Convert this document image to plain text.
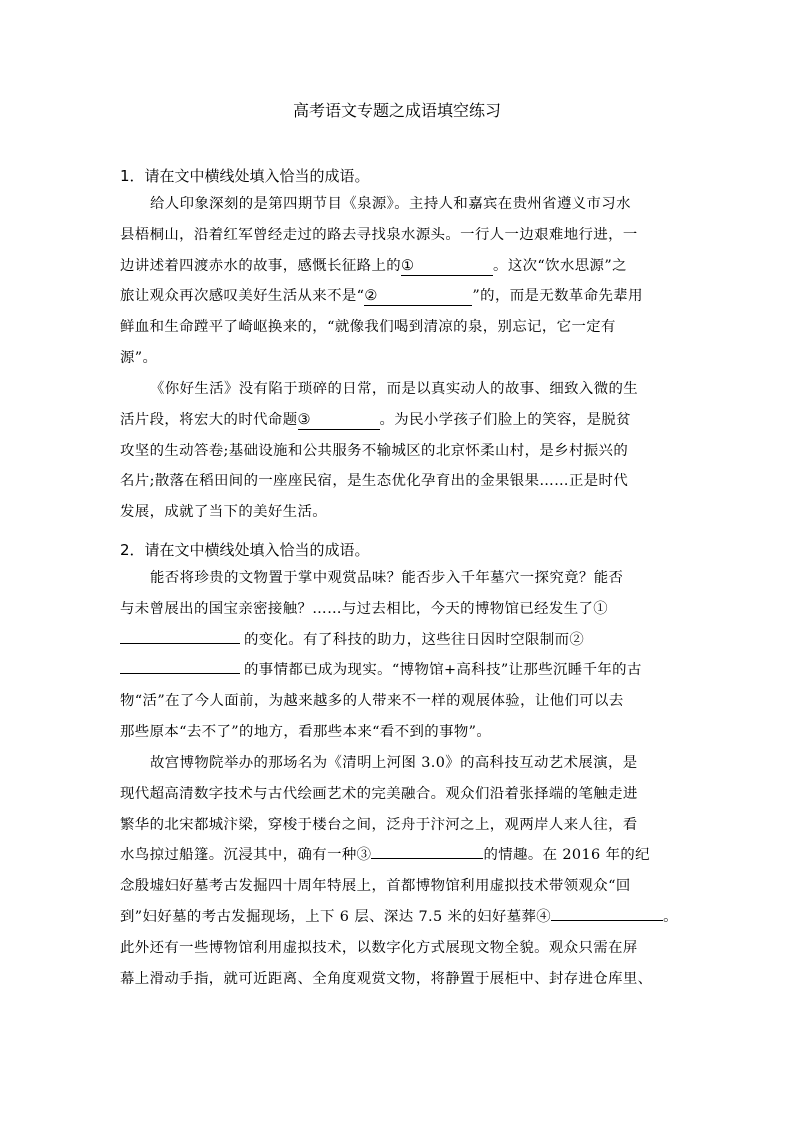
高考语文专题之成语填空练习
1．请在文中横线处填入恰当的成语。
给人印象深刻的是第四期节目《泉源》。主持人和嘉宾在贵州省遵义市习水
县梧桐山，沿着红军曾经走过的路去寻找泉水源头。一行人一边艰难地行进，一
边讲述着四渡赤水的故事，感慨长征路上的①	。这次“饮水思源”之
旅让观众再次感叹美好生活从来不是“②	”的，而是无数革命先辈用
鲜血和生命蹚平了崎岖换来的，“就像我们喝到清凉的泉，别忘记，它一定有
源”。
《你好生活》没有陷于琐碎的日常，而是以真实动人的故事、细致入微的生
活片段，将宏大的时代命题③	。为民小学孩子们脸上的笑容，是脱贫
攻坚的生动答卷;基础设施和公共服务不输城区的北京怀柔山村，是乡村振兴的
名片;散落在稻田间的一座座民宿，是生态优化孕育出的金果银果……正是时代
发展，成就了当下的美好生活。
2．请在文中横线处填入恰当的成语。
能否将珍贵的文物置于掌中观赏品味？能否步入千年墓穴一探究竟？能否
与未曾展出的国宝亲密接触？……与过去相比，今天的博物馆已经发生了①
的变化。有了科技的助力，这些往日因时空限制而②
的事情都已成为现实。“博物馆+高科技”让那些沉睡千年的古
物“活”在了今人面前，为越来越多的人带来不一样的观展体验，让他们可以去
那些原本“去不了”的地方，看那些本来“看不到的事物”。
故宫博物院举办的那场名为《清明上河图 3.0》的高科技互动艺术展演，是
现代超高清数字技术与古代绘画艺术的完美融合。观众们沿着张择端的笔触走进
繁华的北宋都城汴梁，穿梭于楼台之间，泛舟于汴河之上，观两岸人来人往，看
水鸟掠过船篷。沉浸其中，确有一种③	的情趣。在 2016 年的纪
念殷墟妇好墓考古发掘四十周年特展上，首都博物馆利用虚拟技术带领观众“回
到”妇好墓的考古发掘现场，上下 6 层、深达 7.5 米的妇好墓葬④	。
此外还有一些博物馆利用虚拟技术，以数字化方式展现文物全貌。观众只需在屏
幕上滑动手指，就可近距离、全角度观赏文物，将静置于展柜中、封存进仓库里、
